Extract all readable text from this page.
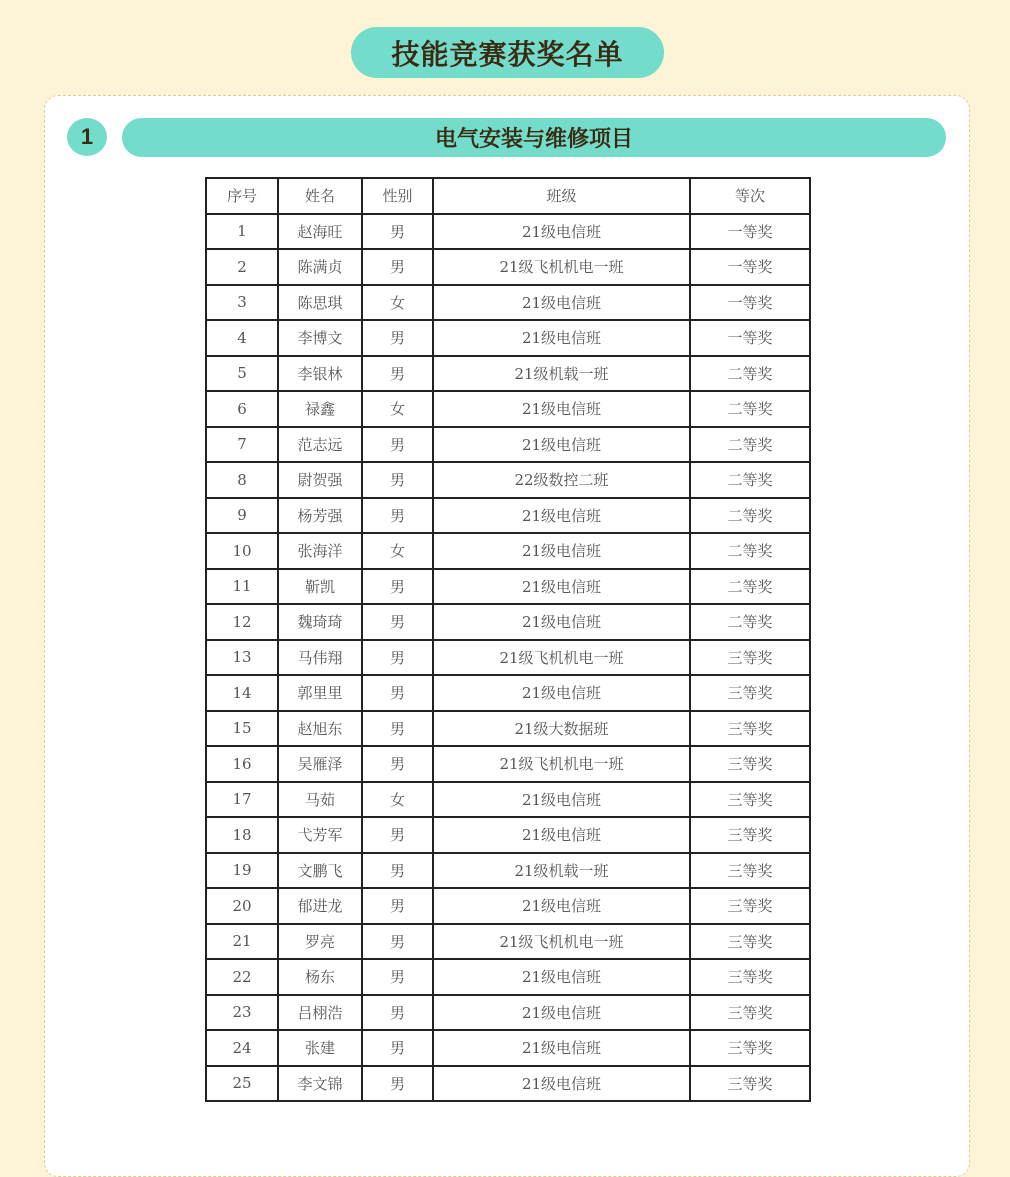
技能竞赛获奖名单
1	电气安装与维修项目
序号	姓名	性别	班级	等次
1	赵海旺	男	21级电信班	一等奖
2	陈满贞	男	21级飞机机电一班	一等奖
3	陈思琪	女	21级电信班	一等奖
4	李博文	男	21级电信班	一等奖
5	李银林	男	21级机载一班	二等奖
6	禄鑫	女	21级电信班	二等奖
7	范志远	男	21级电信班	二等奖
8	尉贺强	男	22级数控二班	二等奖
9	杨芳强	男	21级电信班	二等奖
10	张海洋	女	21级电信班	二等奖
11	靳凯	男	21级电信班	二等奖
12	魏琦琦	男	21级电信班	二等奖
13	马伟翔	男	21级飞机机电一班	三等奖
14	郭里里	男	21级电信班	三等奖
15	赵旭东	男	21级大数据班	三等奖
16	吴雁泽	男	21级飞机机电一班	三等奖
17	马茹	女	21级电信班	三等奖
18	弋芳军	男	21级电信班	三等奖
19	文鹏飞	男	21级机载一班	三等奖
20	郁进龙	男	21级电信班	三等奖
21	罗亮	男	21级飞机机电一班	三等奖
22	杨东	男	21级电信班	三等奖
23	吕栩浩	男	21级电信班	三等奖
24	张建	男	21级电信班	三等奖
25	李文锦	男	21级电信班	三等奖
